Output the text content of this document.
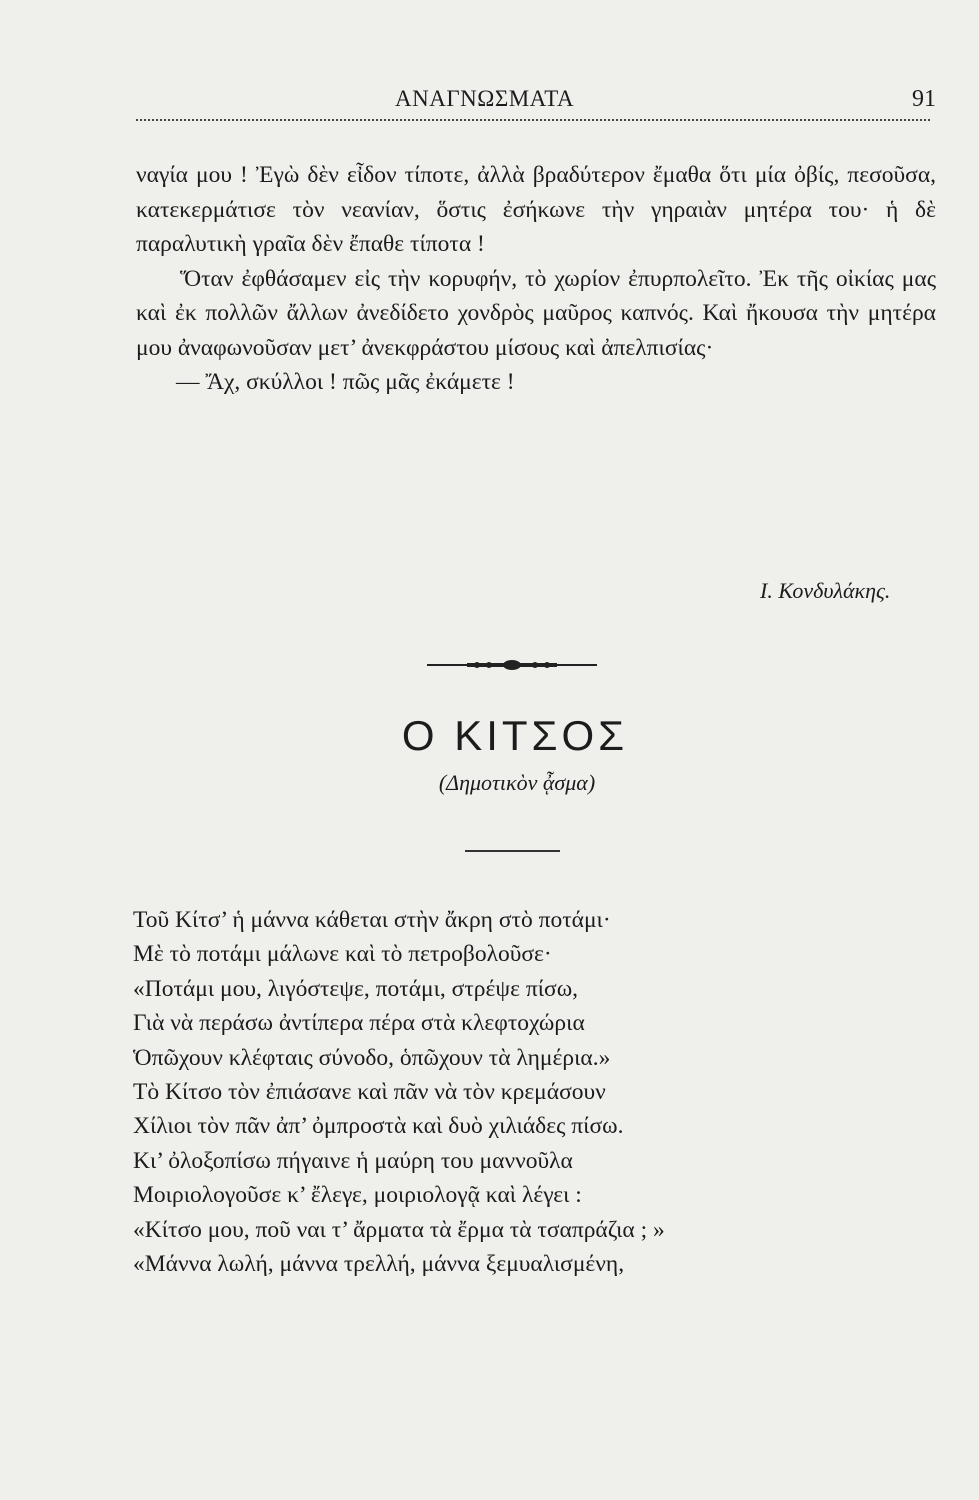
ΑΝΑΓΝΩΣΜΑΤΑ	91

ναγία μου ! Ἐγὼ δὲν εἶδον τίποτε, ἀλλὰ βραδύτερον ἔμαθα ὅτι μία ὀβίς, πεσοῦσα, κατεκερμάτισε τὸν νεανίαν, ὅστις ἐσήκωνε τὴν γηραιὰν μητέρα του· ἡ δὲ παραλυτικὴ γραῖα δὲν ἔπαθε τίποτα !

Ὅταν ἐφθάσαμεν εἰς τὴν κορυφήν, τὸ χωρίον ἐπυρπολεῖτο. Ἐκ τῆς οἰκίας μας καὶ ἐκ πολλῶν ἄλλων ἀνεδίδετο χονδρὸς μαῦρος καπνός. Καὶ ἤκουσα τὴν μητέρα μου ἀναφωνοῦσαν μετ’ ἀνεκφράστου μίσους καὶ ἀπελπισίας·

— Ἄχ, σκύλλοι ! πῶς μᾶς ἐκάμετε !

Ι. Κονδυλάκης.
Ο ΚΙΤΣΟΣ
(Δημοτικὸν ᾆσμα)

Τοῦ Κίτσ’ ἡ μάννα κάθεται στὴν ἄκρη στὸ ποτάμι·

Μὲ τὸ ποτάμι μάλωνε καὶ τὸ πετροβολοῦσε·

«Ποτάμι μου, λιγόστεψε, ποτάμι, στρέψε πίσω,

Γιὰ νὰ περάσω ἀντίπερα πέρα στὰ κλεφτοχώρια

Ὁπῶχουν κλέφταις σύνοδο, ὁπῶχουν τὰ λημέρια.»

Τὸ Κίτσο τὸν ἐπιάσανε καὶ πᾶν νὰ τὸν κρεμάσουν

Χίλιοι τὸν πᾶν ἀπ’ ὀμπροστὰ καὶ δυὸ χιλιάδες πίσω.

Κι’ ὀλοξοπίσω πήγαινε ἡ μαύρη του μαννοῦλα

Μοιριολογοῦσε κ’ ἔλεγε, μοιριολογᾷ καὶ λέγει :

«Κίτσο μου, ποῦ ναι τ’ ἄρματα τὰ ἔρμα τὰ τσαπράζια ; »

«Μάννα λωλή, μάννα τρελλή, μάννα ξεμυαλισμένη,
